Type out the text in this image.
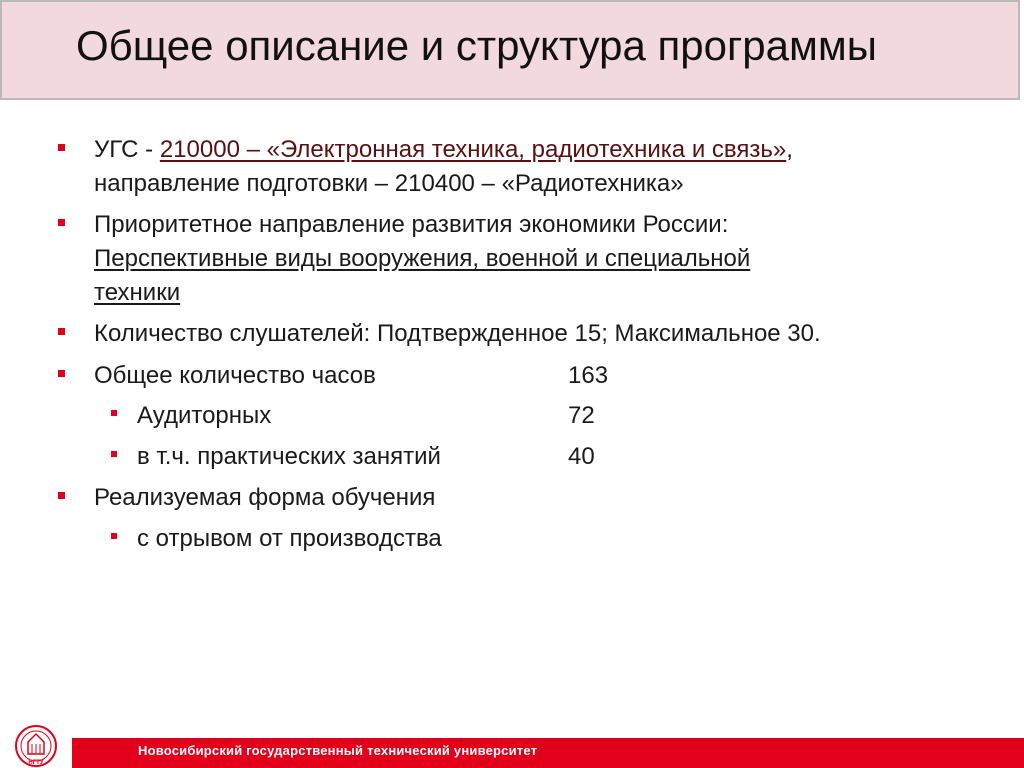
Общее описание и структура программы
УГС - 210000 – «Электронная техника, радиотехника и связь»,
направление подготовки – 210400 – «Радиотехника»
Приоритетное направление развития экономики России:
Перспективные виды вооружения, военной и специальной
техники
Количество слушателей: Подтвержденное 15; Максимальное 30.
Общее количество часов	163
Аудиторных	72
в т.ч. практических занятий	40
Реализуемая форма обучения
с отрывом от производства
Новосибирский государственный технический университет
НГТУ
